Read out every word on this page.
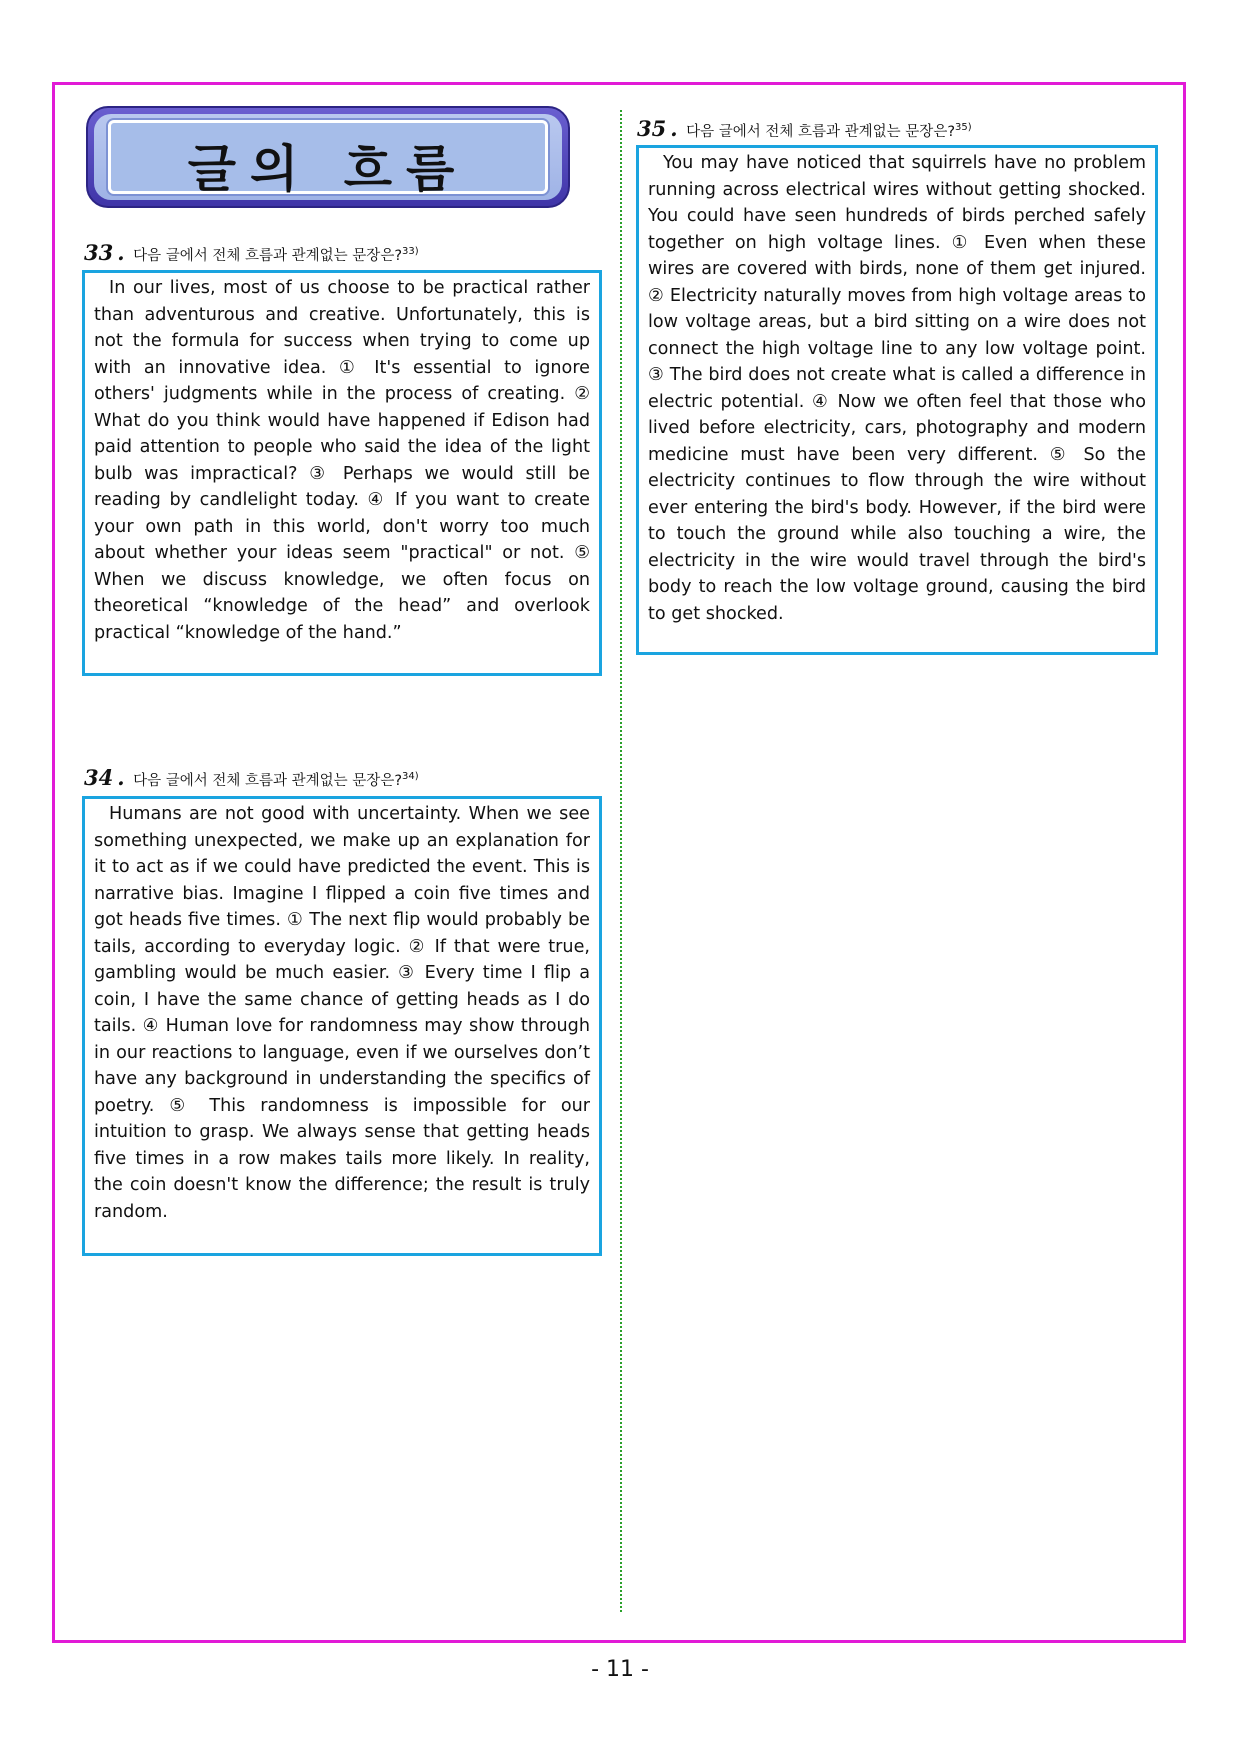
글의 흐름
33 . 다음 글에서 전체 흐름과 관계없는 문장은?$^{33)}$

In our lives, most of us choose to be practical rather than adventurous and creative. Unfortunately, this is not the formula for success when trying to come up with an innovative idea. ① It's essential to ignore others' judgments while in the process of creating. ② What do you think would have happened if Edison had paid attention to people who said the idea of the light bulb was impractical? ③ Perhaps we would still be reading by candlelight today. ④ If you want to create your own path in this world, don't worry too much about whether your ideas seem "practical" or not. ⑤ When we discuss knowledge, we often focus on theoretical “knowledge of the head” and overlook practical “knowledge of the hand.”

34 . 다음 글에서 전체 흐름과 관계없는 문장은?$^{34)}$

Humans are not good with uncertainty. When we see something unexpected, we make up an explanation for it to act as if we could have predicted the event. This is narrative bias. Imagine I flipped a coin five times and got heads five times. ① The next flip would probably be tails, according to everyday logic. ② If that were true, gambling would be much easier. ③ Every time I flip a coin, I have the same chance of getting heads as I do tails. ④ Human love for randomness may show through in our reactions to language, even if we ourselves don’t have any background in understanding the specifics of poetry. ⑤ This randomness is impossible for our intuition to grasp. We always sense that getting heads five times in a row makes tails more likely. In reality, the coin doesn't know the difference; the result is truly random.

35 . 다음 글에서 전체 흐름과 관계없는 문장은?$^{35)}$

You may have noticed that squirrels have no problem running across electrical wires without getting shocked. You could have seen hundreds of birds perched safely together on high voltage lines. ① Even when these wires are covered with birds, none of them get injured. ② Electricity naturally moves from high voltage areas to low voltage areas, but a bird sitting on a wire does not connect the high voltage line to any low voltage point. ③ The bird does not create what is called a difference in electric potential. ④ Now we often feel that those who lived before electricity, cars, photography and modern medicine must have been very different. ⑤ So the electricity continues to flow through the wire without ever entering the bird's body. However, if the bird were to touch the ground while also touching a wire, the electricity in the wire would travel through the bird's body to reach the low voltage ground, causing the bird to get shocked.

- 11 -
